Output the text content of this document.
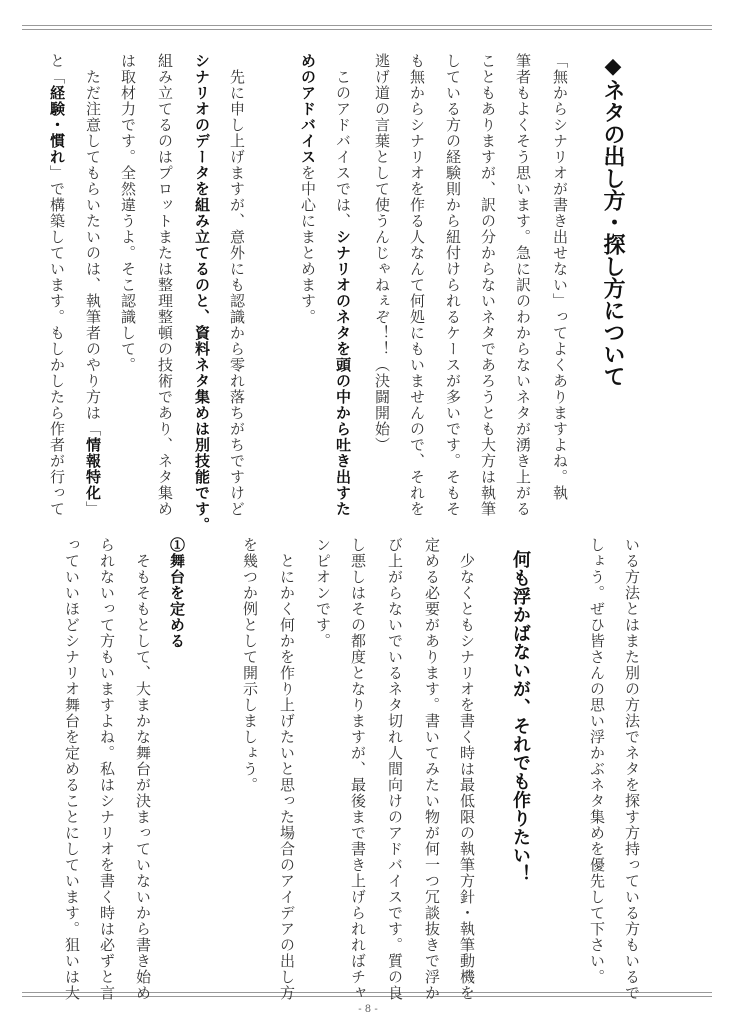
◆ネタの出し方・探し方について
何も浮かばないが、それでも作りたい！
「無からシナリオが書き出せない」ってよくありますよね。執
筆者もよくそう思います。急に訳のわからないネタが湧き上がる
こともありますが、訳の分からないネタであろうとも大方は執筆
している方の経験則から紐付けられるケースが多いです。そもそ
も無からシナリオを作る人なんて何処にもいませんので、それを
逃げ道の言葉として使うんじゃねぇぞ！！（決闘開始）
　このアドバイスでは、シナリオのネタを頭の中から吐き出すた
めのアドバイスを中心にまとめます。
　先に申し上げますが、意外にも認識から零れ落ちがちですけど
シナリオのデータを組み立てるのと、資料ネタ集めは別技能です。
組み立てるのはプロットまたは整理整頓の技術であり、ネタ集め
は取材力です。全然違うよ。そこ認識して。
　ただ注意してもらいたいのは、執筆者のやり方は「情報特化」
と「経験・慣れ」で構築しています。もしかしたら作者が行って
いる方法とはまた別の方法でネタを探す方持っている方もいるで
しょう。ぜひ皆さんの思い浮かぶネタ集めを優先して下さい。
　少なくともシナリオを書く時は最低限の執筆方針・執筆動機を
定める必要があります。書いてみたい物が何一つ冗談抜きで浮か
び上がらないでいるネタ切れ人間向けのアドバイスです。質の良
し悪しはその都度となりますが、最後まで書き上げられればチャ
ンピオンです。
　とにかく何かを作り上げたいと思った場合のアイデアの出し方
を幾つか例として開示しましょう。
①舞台を定める
　そもそもとして、大まかな舞台が決まっていないから書き始め
られないって方もいますよね。私はシナリオを書く時は必ずと言
っていいほどシナリオ舞台を定めることにしています。狙いは大
- 8 -
